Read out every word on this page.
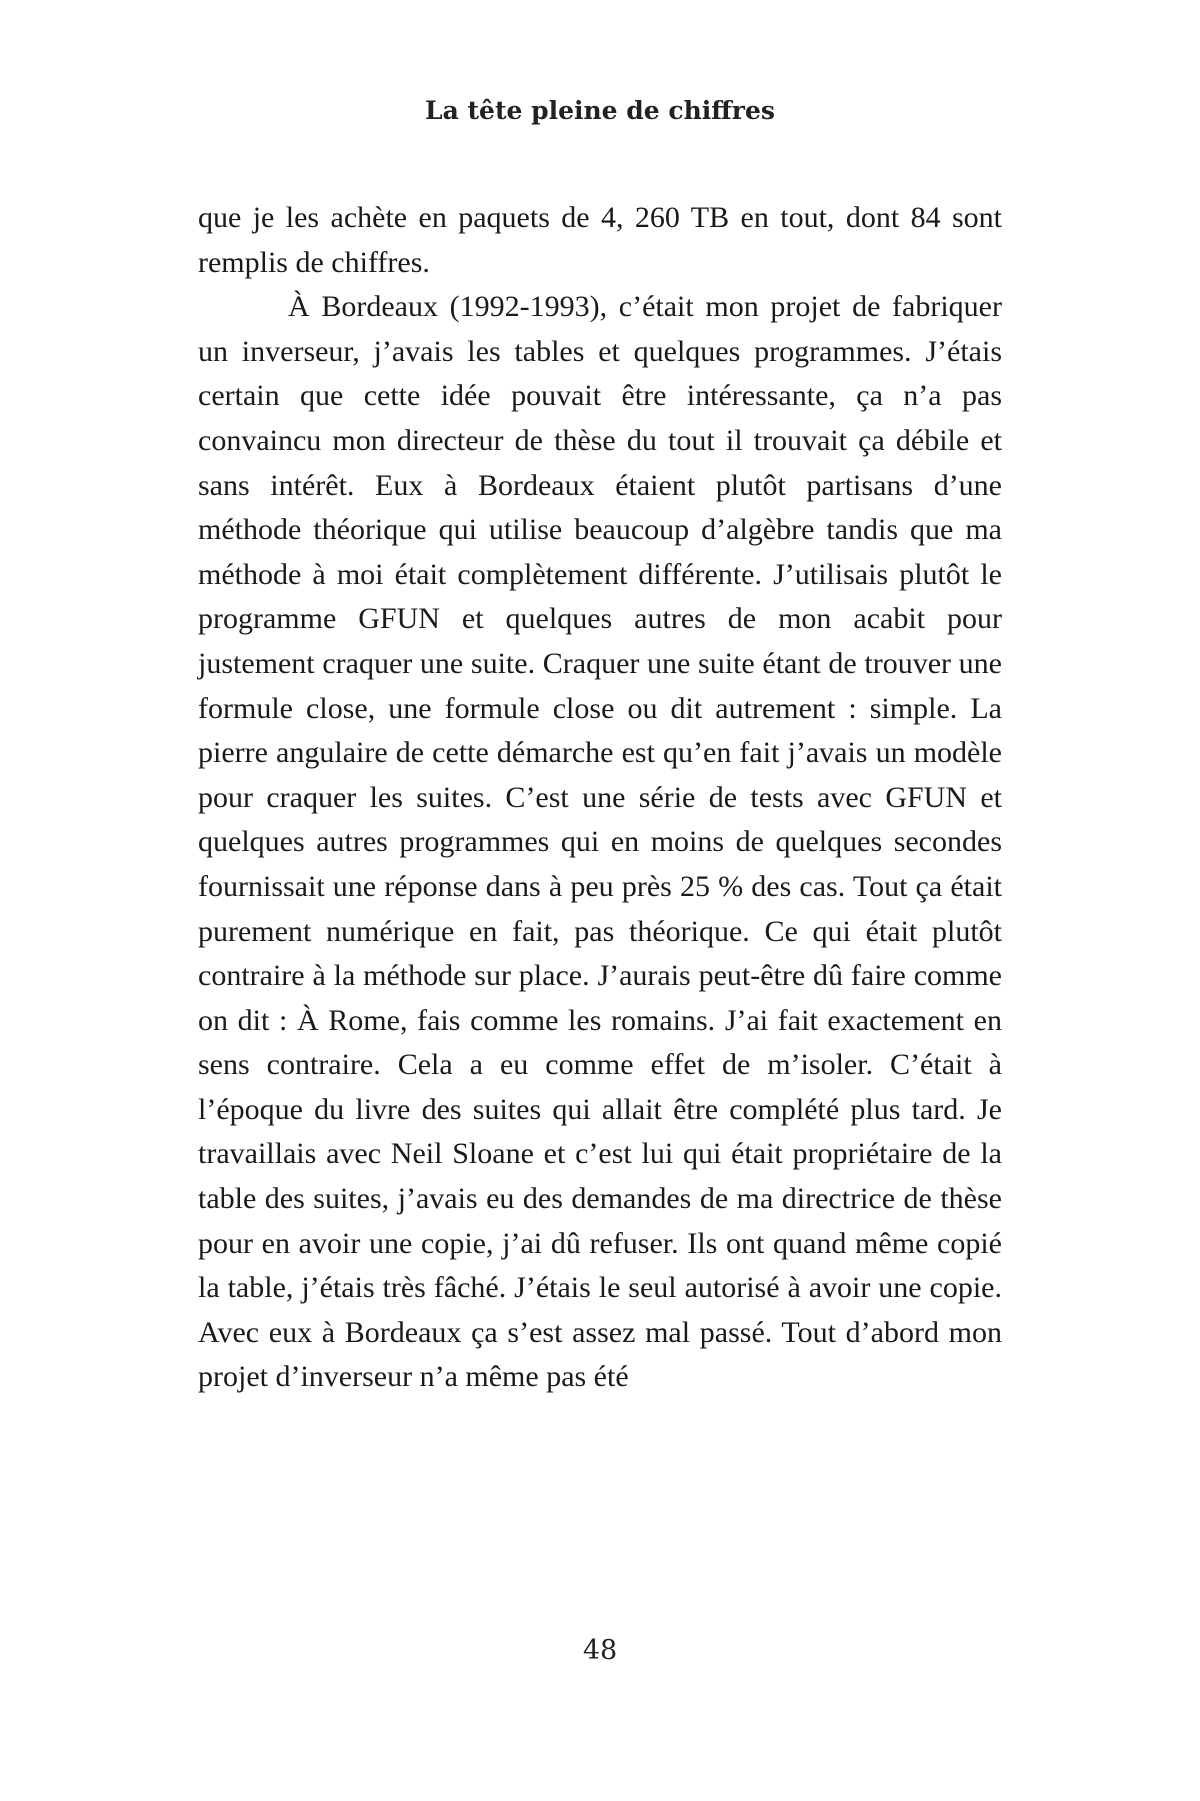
La tête pleine de chiffres

que je les achète en paquets de 4, 260 TB en tout, dont 84 sont remplis de chiffres.

À Bordeaux (1992-1993), c’était mon projet de fabriquer un inverseur, j’avais les tables et quelques programmes. J’étais certain que cette idée pouvait être intéressante, ça n’a pas convaincu mon directeur de thèse du tout il trouvait ça débile et sans intérêt. Eux à Bordeaux étaient plutôt partisans d’une méthode théorique qui utilise beaucoup d’algèbre tandis que ma méthode à moi était complètement différente. J’utilisais plutôt le programme GFUN et quelques autres de mon acabit pour justement craquer une suite. Craquer une suite étant de trouver une formule close, une formule close ou dit autrement : simple. La pierre angulaire de cette démarche est qu’en fait j’avais un modèle pour craquer les suites. C’est une série de tests avec GFUN et quelques autres programmes qui en moins de quelques secondes fournissait une réponse dans à peu près 25 % des cas. Tout ça était purement numérique en fait, pas théorique. Ce qui était plutôt contraire à la méthode sur place. J’aurais peut-être dû faire comme on dit : À Rome, fais comme les romains. J’ai fait exactement en sens contraire. Cela a eu comme effet de m’isoler. C’était à l’époque du livre des suites qui allait être complété plus tard. Je travaillais avec Neil Sloane et c’est lui qui était propriétaire de la table des suites, j’avais eu des demandes de ma directrice de thèse pour en avoir une copie, j’ai dû refuser. Ils ont quand même copié la table, j’étais très fâché. J’étais le seul autorisé à avoir une copie. Avec eux à Bordeaux ça s’est assez mal passé. Tout d’abord mon projet d’inverseur n’a même pas été

48
